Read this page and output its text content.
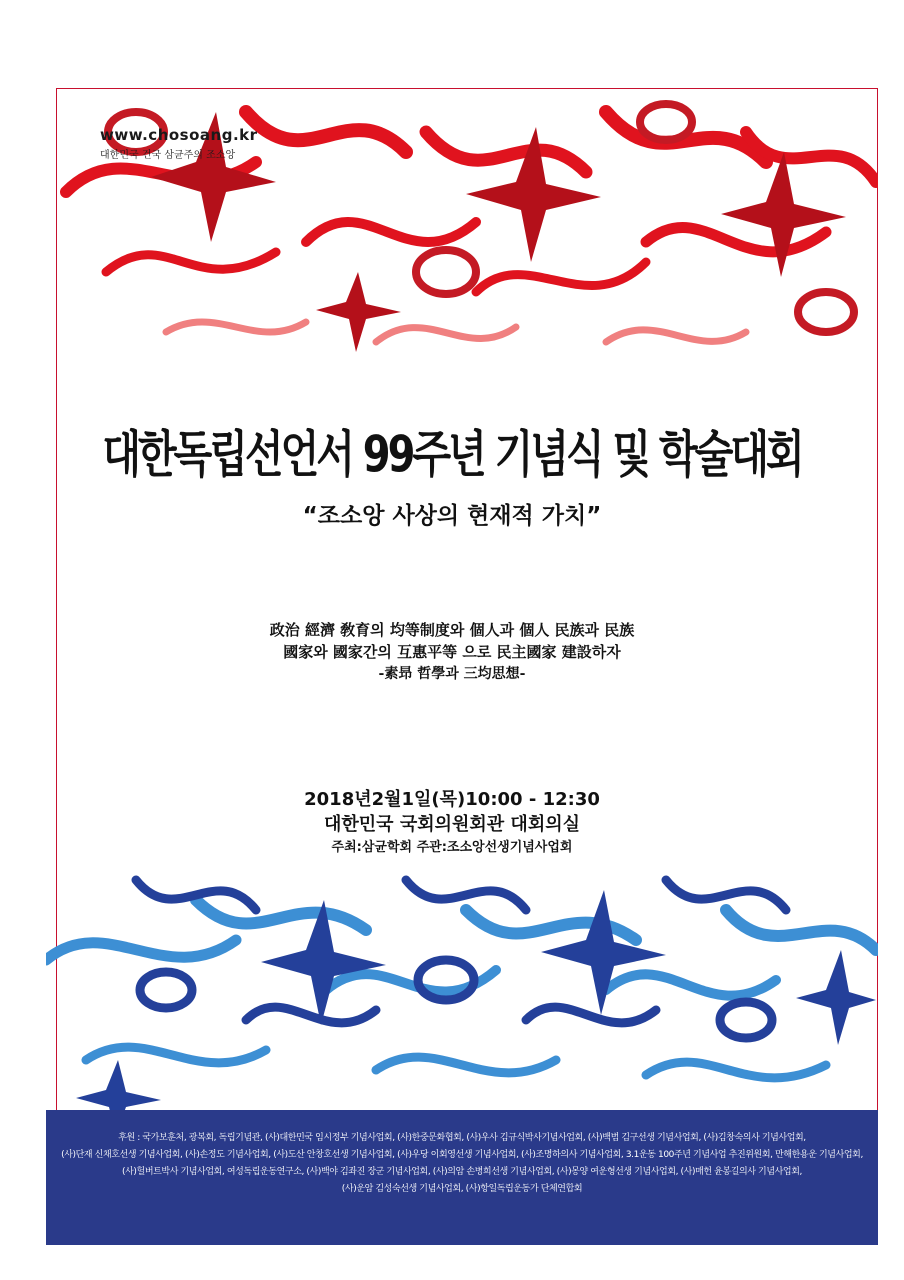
www.chosoang.kr
대한민국 건국 삼균주의 조소앙
대한독립선언서 99주년 기념식 및 학술대회
“조소앙 사상의 현재적 가치”
政治 經濟 敎育의 均等制度와 個人과 個人 民族과 民族
國家와 國家간의 互惠平等 으로 民主國家 建設하자
-素昻 哲學과 三均思想-
2018년2월1일(목)10:00 - 12:30
대한민국 국회의원회관 대회의실
주최:삼균학회 주관:조소앙선생기념사업회
후원 : 국가보훈처, 광복회, 독립기념관, (사)대한민국 임시정부 기념사업회, (사)한중문화협회, (사)우사 김규식박사기념사업회, (사)백범 김구선생 기념사업회, (사)김창숙의사 기념사업회,
(사)단재 신채호선생 기념사업회, (사)손정도 기념사업회, (사)도산 안창호선생 기념사업회, (사)우당 이회영선생 기념사업회, (사)조명하의사 기념사업회, 3.1운동 100주년 기념사업 추진위원회, 만해한용운 기념사업회,
(사)헐버트박사 기념사업회, 여성독립운동연구소, (사)백야 김좌진 장군 기념사업회, (사)의암 손병희선생 기념사업회, (사)몽양 여운형선생 기념사업회, (사)매헌 윤봉길의사 기념사업회,
(사)운암 김성숙선생 기념사업회, (사)항일독립운동가 단체연합회
